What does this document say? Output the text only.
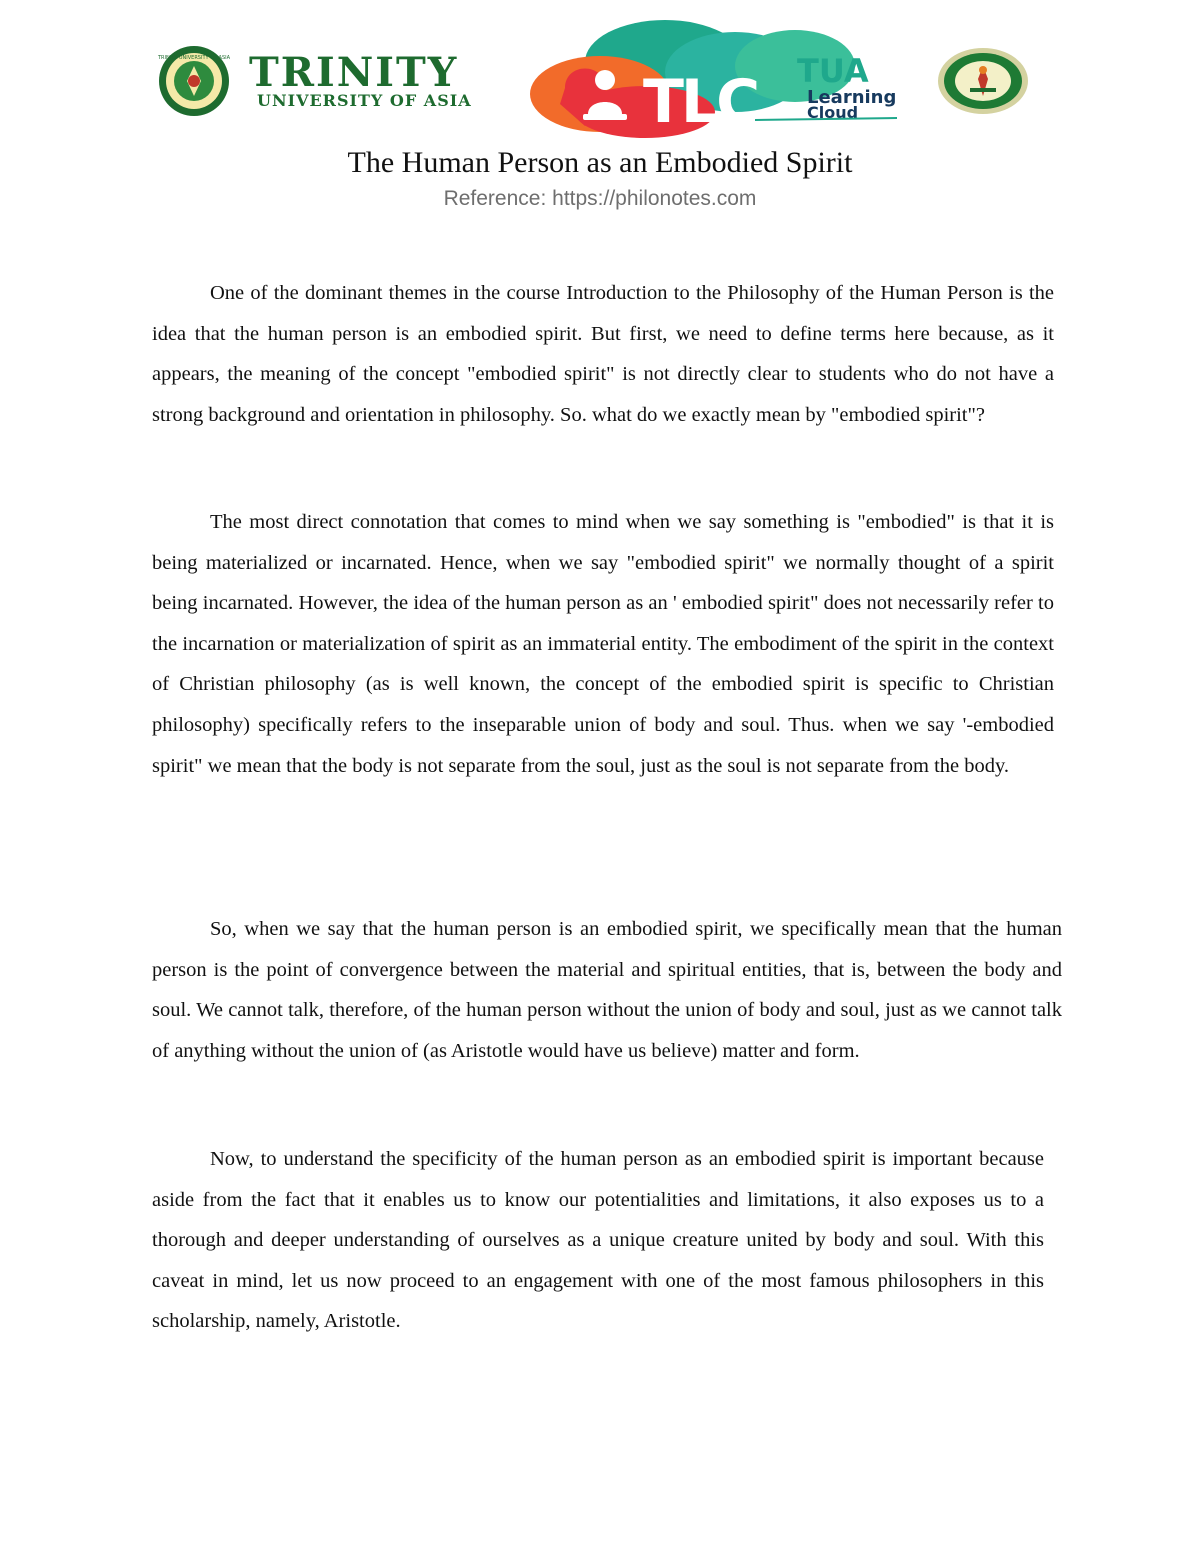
TRINITY UNIVERSITY OF ASIA TRINITY
UNIVERSITY OF ASIA	TLC TUA
Learning
Cloud
The Human Person as an Embodied Spirit
Reference: https://philonotes.com

One of the dominant themes in the course Introduction to the Philosophy of the Human Person is the idea that the human person is an embodied spirit. But first, we need to define terms here because, as it appears, the meaning of the concept "embodied spirit" is not directly clear to students who do not have a strong background and orientation in philosophy. So. what do we exactly mean by "embodied spirit"?

The most direct connotation that comes to mind when we say something is "embodied" is that it is being materialized or incarnated. Hence, when we say "embodied spirit" we normally thought of a spirit being incarnated. However, the idea of the human person as an ' embodied spirit" does not necessarily refer to the incarnation or materialization of spirit as an immaterial entity. The embodiment of the spirit in the context of Christian philosophy (as is well known, the concept of the embodied spirit is specific to Christian philosophy) specifically refers to the inseparable union of body and soul. Thus. when we say '-embodied spirit" we mean that the body is not separate from the soul, just as the soul is not separate from the body.

So, when we say that the human person is an embodied spirit, we specifically mean that the human person is the point of convergence between the material and spiritual entities, that is, between the body and soul. We cannot talk, therefore, of the human person without the union of body and soul, just as we cannot talk of anything without the union of (as Aristotle would have us believe) matter and form.

Now, to understand the specificity of the human person as an embodied spirit is important because aside from the fact that it enables us to know our potentialities and limitations, it also exposes us to a thorough and deeper understanding of ourselves as a unique creature united by body and soul. With this caveat in mind, let us now proceed to an engagement with one of the most famous philosophers in this scholarship, namely, Aristotle.
